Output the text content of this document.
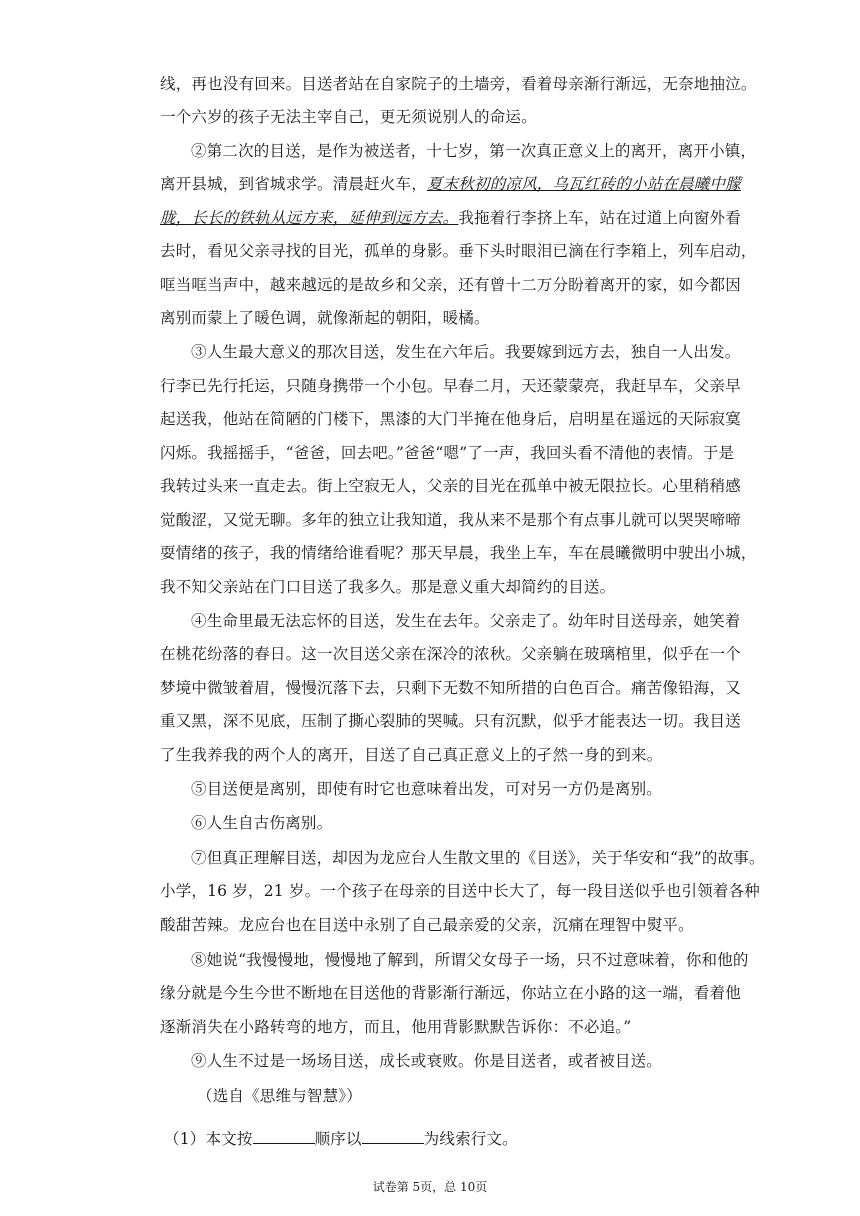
线，再也没有回来。目送者站在自家院子的土墙旁，看着母亲渐行渐远，无奈地抽泣。
一个六岁的孩子无法主宰自己，更无须说别人的命运。
②第二次的目送，是作为被送者，十七岁，第一次真正意义上的离开，离开小镇，
离开县城，到省城求学。清晨赶火车，夏末秋初的凉风，乌瓦红砖的小站在晨曦中朦
胧，长长的铁轨从远方来，延伸到远方去。我拖着行李挤上车，站在过道上向窗外看
去时，看见父亲寻找的目光，孤单的身影。垂下头时眼泪已滴在行李箱上，列车启动，
哐当哐当声中，越来越远的是故乡和父亲，还有曾十二万分盼着离开的家，如今都因
离别而蒙上了暖色调，就像渐起的朝阳，暖橘。
③人生最大意义的那次目送，发生在六年后。我要嫁到远方去，独自一人出发。
行李已先行托运，只随身携带一个小包。早春二月，天还蒙蒙亮，我赶早车，父亲早
起送我，他站在简陋的门楼下，黑漆的大门半掩在他身后，启明星在遥远的天际寂寞
闪烁。我摇摇手，“爸爸，回去吧。”爸爸“嗯”了一声，我回头看不清他的表情。于是
我转过头来一直走去。街上空寂无人，父亲的目光在孤单中被无限拉长。心里稍稍感
觉酸涩，又觉无聊。多年的独立让我知道，我从来不是那个有点事儿就可以哭哭啼啼
耍情绪的孩子，我的情绪给谁看呢？那天早晨，我坐上车，车在晨曦微明中驶出小城，
我不知父亲站在门口目送了我多久。那是意义重大却简约的目送。
④生命里最无法忘怀的目送，发生在去年。父亲走了。幼年时目送母亲，她笑着
在桃花纷落的春日。这一次目送父亲在深冷的浓秋。父亲躺在玻璃棺里，似乎在一个
梦境中微皱着眉，慢慢沉落下去，只剩下无数不知所措的白色百合。痛苦像铅海，又
重又黑，深不见底，压制了撕心裂肺的哭喊。只有沉默，似乎才能表达一切。我目送
了生我养我的两个人的离开，目送了自己真正意义上的孑然一身的到来。
⑤目送便是离别，即使有时它也意味着出发，可对另一方仍是离别。
⑥人生自古伤离别。
⑦但真正理解目送，却因为龙应台人生散文里的《目送》，关于华安和“我”的故事。
小学，16 岁，21 岁。一个孩子在母亲的目送中长大了，每一段目送似乎也引领着各种
酸甜苦辣。龙应台也在目送中永别了自己最亲爱的父亲，沉痛在理智中熨平。
⑧她说“我慢慢地，慢慢地了解到，所谓父女母子一场，只不过意味着，你和他的
缘分就是今生今世不断地在目送他的背影渐行渐远，你站立在小路的这一端，看着他
逐渐消失在小路转弯的地方，而且，他用背影默默告诉你：不必追。”
⑨人生不过是一场场目送，成长或衰败。你是目送者，或者被目送。
（选自《思维与智慧》）
（1）本文按	顺序以	为线索行文。
试卷第 5页，总 10页
